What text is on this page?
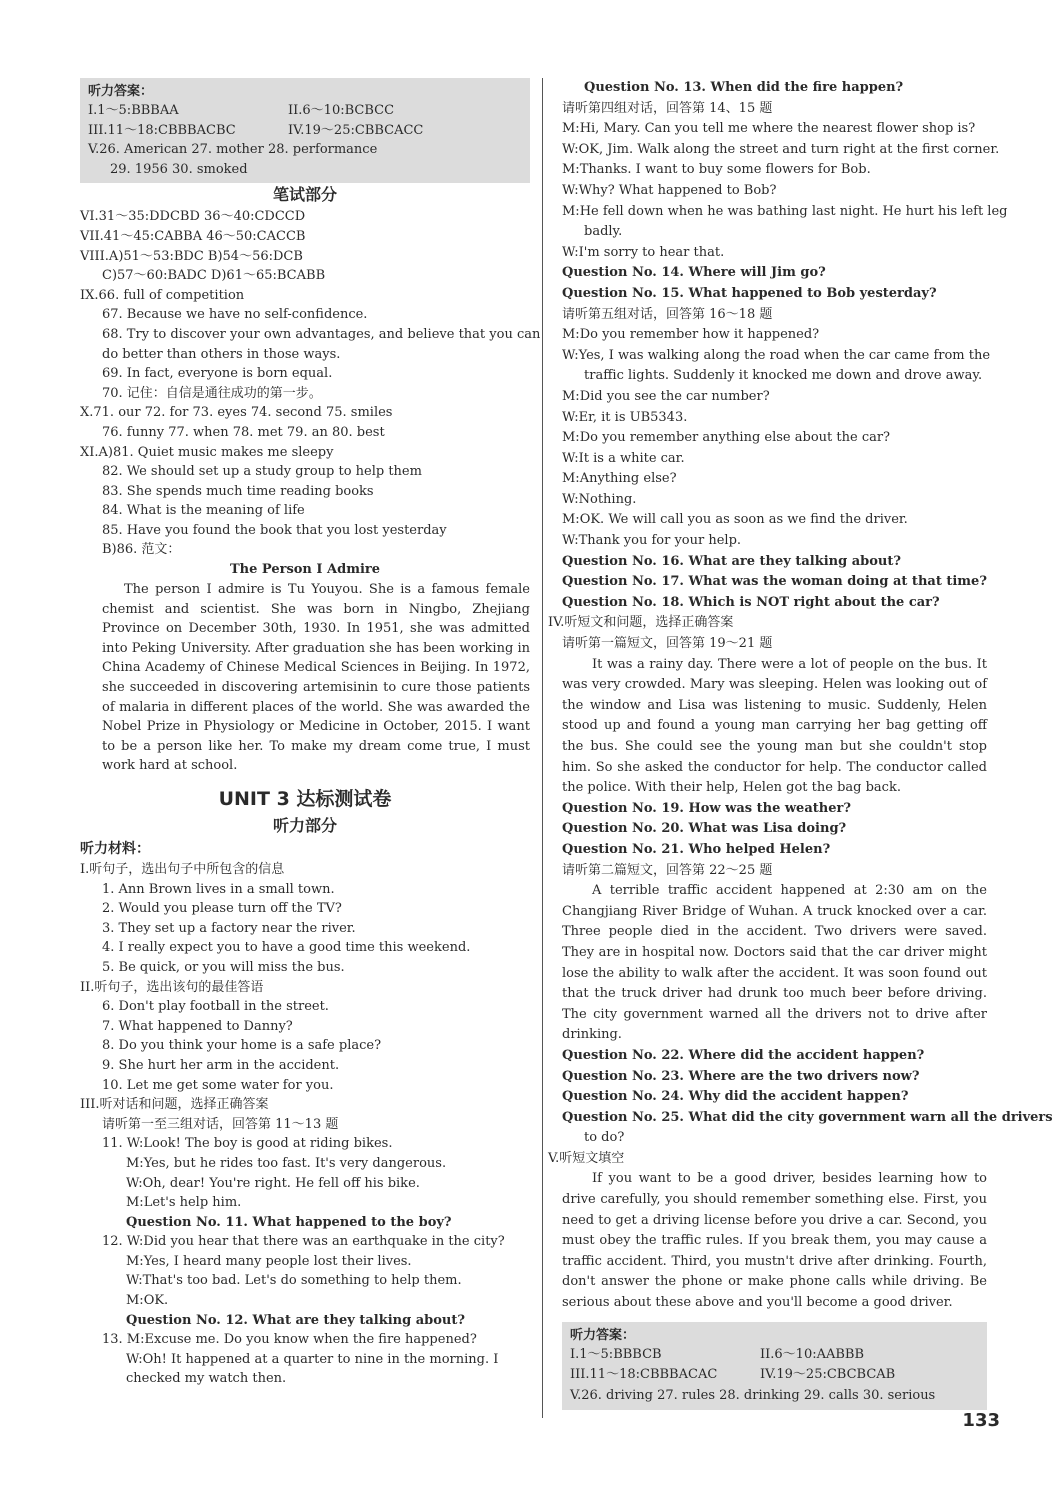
听力答案：
I.1～5:BBBAA	II.6～10:BCBCC
III.11～18:CBBBACBC	IV.19～25:CBBCACC
V.26. American 27. mother 28. performance
29. 1956 30. smoked
笔试部分
VI.31～35:DDCBD 36～40:CDCCD
VII.41～45:CABBA 46～50:CACCB
VIII.A)51～53:BDC B)54～56:DCB
C)57～60:BADC D)61～65:BCABB
IX.66. full of competition
67. Because we have no self-confidence.
68. Try to discover your own advantages, and believe that you can
do better than others in those ways.
69. In fact, everyone is born equal.
70. 记住：自信是通往成功的第一步。
X.71. our 72. for 73. eyes 74. second 75. smiles
76. funny 77. when 78. met 79. an 80. best
XI.A)81. Quiet music makes me sleepy
82. We should set up a study group to help them
83. She spends much time reading books
84. What is the meaning of life
85. Have you found the book that you lost yesterday
B)86. 范文：
The Person I Admire
The person I admire is Tu Youyou. She is a famous female chemist and scientist. She was born in Ningbo, Zhejiang Province on December 30th, 1930. In 1951, she was admitted into Peking University. After graduation she has been working in China Academy of Chinese Medical Sciences in Beijing. In 1972, she succeeded in discovering artemisinin to cure those patients of malaria in different places of the world. She was awarded the Nobel Prize in Physiology or Medicine in October, 2015. I want to be a person like her. To make my dream come true, I must work hard at school.
UNIT 3 达标测试卷
听力部分
听力材料：
I.听句子，选出句子中所包含的信息
1. Ann Brown lives in a small town.
2. Would you please turn off the TV?
3. They set up a factory near the river.
4. I really expect you to have a good time this weekend.
5. Be quick, or you will miss the bus.
II.听句子，选出该句的最佳答语
6. Don't play football in the street.
7. What happened to Danny?
8. Do you think your home is a safe place?
9. She hurt her arm in the accident.
10. Let me get some water for you.
III.听对话和问题，选择正确答案
请听第一至三组对话，回答第 11～13 题
11. W:Look! The boy is good at riding bikes.
M:Yes, but he rides too fast. It's very dangerous.
W:Oh, dear! You're right. He fell off his bike.
M:Let's help him.
Question No. 11. What happened to the boy?
12. W:Did you hear that there was an earthquake in the city?
M:Yes, I heard many people lost their lives.
W:That's too bad. Let's do something to help them.
M:OK.
Question No. 12. What are they talking about?
13. M:Excuse me. Do you know when the fire happened?
W:Oh! It happened at a quarter to nine in the morning. I
checked my watch then.
Question No. 13. When did the fire happen?
请听第四组对话，回答第 14、15 题
M:Hi, Mary. Can you tell me where the nearest flower shop is?
W:OK, Jim. Walk along the street and turn right at the first corner.
M:Thanks. I want to buy some flowers for Bob.
W:Why? What happened to Bob?
M:He fell down when he was bathing last night. He hurt his left leg
badly.
W:I'm sorry to hear that.
Question No. 14. Where will Jim go?
Question No. 15. What happened to Bob yesterday?
请听第五组对话，回答第 16～18 题
M:Do you remember how it happened?
W:Yes, I was walking along the road when the car came from the
traffic lights. Suddenly it knocked me down and drove away.
M:Did you see the car number?
W:Er, it is UB5343.
M:Do you remember anything else about the car?
W:It is a white car.
M:Anything else?
W:Nothing.
M:OK. We will call you as soon as we find the driver.
W:Thank you for your help.
Question No. 16. What are they talking about?
Question No. 17. What was the woman doing at that time?
Question No. 18. Which is NOT right about the car?
IV.听短文和问题，选择正确答案
请听第一篇短文，回答第 19～21 题
It was a rainy day. There were a lot of people on the bus. It was very crowded. Mary was sleeping. Helen was looking out of the window and Lisa was listening to music. Suddenly, Helen stood up and found a young man carrying her bag getting off the bus. She could see the young man but she couldn't stop him. So she asked the conductor for help. The conductor called the police. With their help, Helen got the bag back.
Question No. 19. How was the weather?
Question No. 20. What was Lisa doing?
Question No. 21. Who helped Helen?
请听第二篇短文，回答第 22～25 题
A terrible traffic accident happened at 2:30 am on the Changjiang River Bridge of Wuhan. A truck knocked over a car. Three people died in the accident. Two drivers were saved. They are in hospital now. Doctors said that the car driver might lose the ability to walk after the accident. It was soon found out that the truck driver had drunk too much beer before driving. The city government warned all the drivers not to drive after drinking.
Question No. 22. Where did the accident happen?
Question No. 23. Where are the two drivers now?
Question No. 24. Why did the accident happen?
Question No. 25. What did the city government warn all the drivers
to do?
V.听短文填空
If you want to be a good driver, besides learning how to drive carefully, you should remember something else. First, you need to get a driving license before you drive a car. Second, you must obey the traffic rules. If you break them, you may cause a traffic accident. Third, you mustn't drive after drinking. Fourth, don't answer the phone or make phone calls while driving. Be serious about these above and you'll become a good driver.
听力答案：
I.1～5:BBBCB	II.6～10:AABBB
III.11～18:CBBBACAC	IV.19～25:CBCBCAB
V.26. driving 27. rules 28. drinking 29. calls 30. serious
133
